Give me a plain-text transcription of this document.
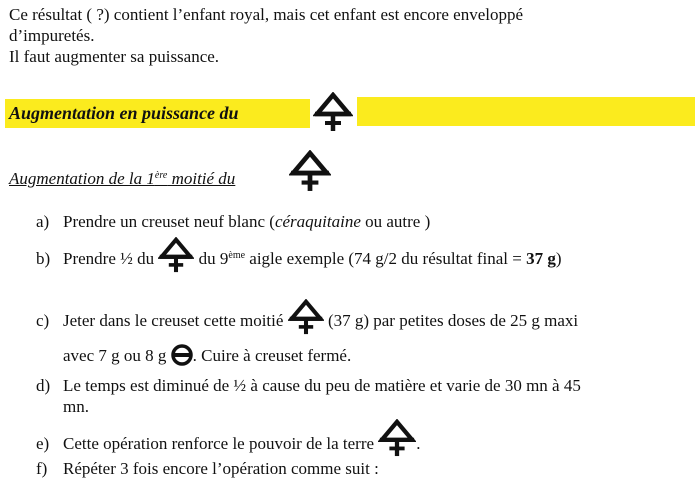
Ce résultat ( ?) contient l’enfant royal, mais cet enfant est encore enveloppé
d’impuretés.
Il faut augmenter sa puissance.
Augmentation en puissance du
Augmentation de la 1ère moitié du
a) Prendre un creuset neuf blanc (céraquitaine ou autre )
b) Prendre ½ du  du 9ème aigle exemple (74 g/2 du résultat final = 37 g)
c) Jeter dans le creuset cette moitié  (37 g) par petites doses de 25 g maxi
avec 7 g ou 8 g . Cuire à creuset fermé.
d) Le temps est diminué de ½ à cause du peu de matière et varie de 30 mn à 45
mn.
e) Cette opération renforce le pouvoir de la terre .
f) Répéter 3 fois encore l’opération comme suit :
